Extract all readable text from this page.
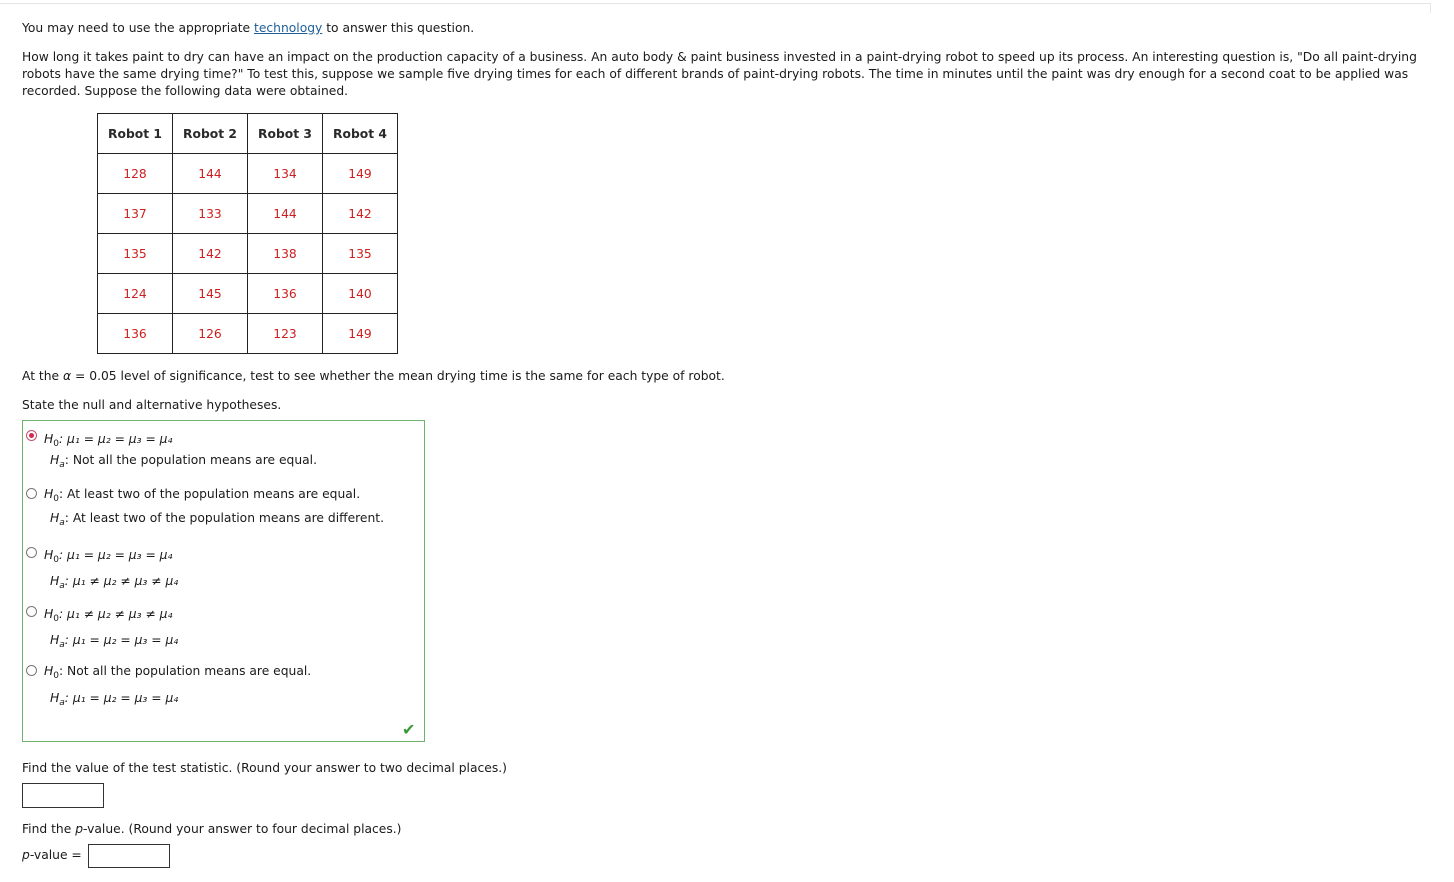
You may need to use the appropriate technology to answer this question.
How long it takes paint to dry can have an impact on the production capacity of a business. An auto body & paint business invested in a paint-drying robot to speed up its process. An interesting question is, "Do all paint-drying robots have the same drying time?" To test this, suppose we sample five drying times for each of different brands of paint-drying robots. The time in minutes until the paint was dry enough for a second coat to be applied was recorded. Suppose the following data were obtained.
Robot 1	Robot 2	Robot 3	Robot 4
128	144	134	149
137	133	144	142
135	142	138	135
124	145	136	140
136	126	123	149
At the α = 0.05 level of significance, test to see whether the mean drying time is the same for each type of robot.
State the null and alternative hypotheses.
$H_0$: μ₁ = μ₂ = μ₃ = μ₄
$H_a$: Not all the population means are equal.
$H_0$: At least two of the population means are equal.
$H_a$: At least two of the population means are different.
$H_0$: μ₁ = μ₂ = μ₃ = μ₄
$H_a$: μ₁ ≠ μ₂ ≠ μ₃ ≠ μ₄
$H_0$: μ₁ ≠ μ₂ ≠ μ₃ ≠ μ₄
$H_a$: μ₁ = μ₂ = μ₃ = μ₄
$H_0$: Not all the population means are equal.
$H_a$: μ₁ = μ₂ = μ₃ = μ₄
✔
Find the value of the test statistic. (Round your answer to two decimal places.)
Find the p-value. (Round your answer to four decimal places.)
p-value =
